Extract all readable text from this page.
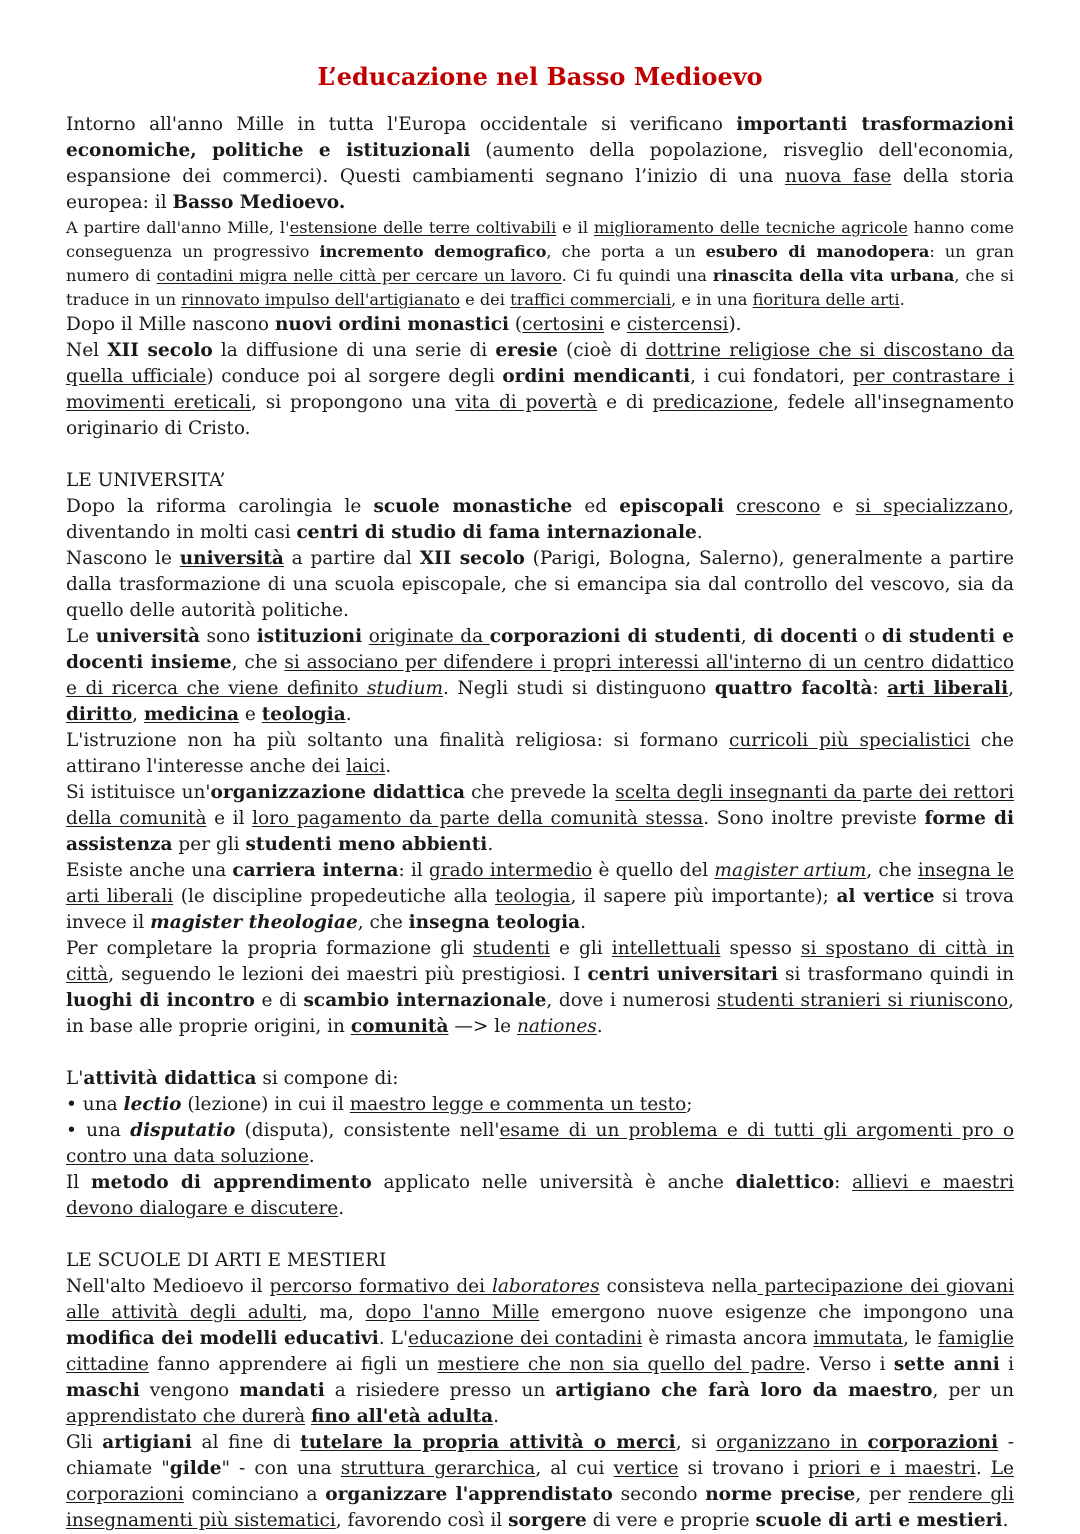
L’educazione nel Basso Medioevo

Intorno all'anno Mille in tutta l'Europa occidentale si verificano importanti trasformazioni economiche, politiche e istituzionali (aumento della popolazione, risveglio dell'economia, espansione dei commerci). Questi cambiamenti segnano l’inizio di una nuova fase della storia europea: il Basso Medioevo.

A partire dall'anno Mille, l'estensione delle terre coltivabili e il miglioramento delle tecniche agricole hanno come conseguenza un progressivo incremento demografico, che porta a un esubero di manodopera: un gran numero di contadini migra nelle città per cercare un lavoro. Ci fu quindi una rinascita della vita urbana, che si traduce in un rinnovato impulso dell'artigianato e dei traffici commerciali, e in una fioritura delle arti.

Dopo il Mille nascono nuovi ordini monastici (certosini e cistercensi).

Nel XII secolo la diffusione di una serie di eresie (cioè di dottrine religiose che si discostano da quella ufficiale) conduce poi al sorgere degli ordini mendicanti, i cui fondatori, per contrastare i movimenti ereticali, si propongono una vita di povertà e di predicazione, fedele all'insegnamento originario di Cristo.

LE UNIVERSITA’

Dopo la riforma carolingia le scuole monastiche ed episcopali crescono e si specializzano, diventando in molti casi centri di studio di fama internazionale.

Nascono le università a partire dal XII secolo (Parigi, Bologna, Salerno), generalmente a partire dalla trasformazione di una scuola episcopale, che si emancipa sia dal controllo del vescovo, sia da quello delle autorità politiche.

Le università sono istituzioni originate da corporazioni di studenti, di docenti o di studenti e docenti insieme, che si associano per difendere i propri interessi all'interno di un centro didattico e di ricerca che viene definito studium. Negli studi si distinguono quattro facoltà: arti liberali, diritto, medicina e teologia.

L'istruzione non ha più soltanto una finalità religiosa: si formano curricoli più specialistici che attirano l'interesse anche dei laici.

Si istituisce un'organizzazione didattica che prevede la scelta degli insegnanti da parte dei rettori della comunità e il loro pagamento da parte della comunità stessa. Sono inoltre previste forme di assistenza per gli studenti meno abbienti.

Esiste anche una carriera interna: il grado intermedio è quello del magister artium, che insegna le arti liberali (le discipline propedeutiche alla teologia, il sapere più importante); al vertice si trova invece il magister theologiae, che insegna teologia.

Per completare la propria formazione gli studenti e gli intellettuali spesso si spostano di città in città, seguendo le lezioni dei maestri più prestigiosi. I centri universitari si trasformano quindi in luoghi di incontro e di scambio internazionale, dove i numerosi studenti stranieri si riuniscono, in base alle proprie origini, in comunità —> le nationes.

L'attività didattica si compone di:

• una lectio (lezione) in cui il maestro legge e commenta un testo;

• una disputatio (disputa), consistente nell'esame di un problema e di tutti gli argomenti pro o contro una data soluzione.

Il metodo di apprendimento applicato nelle università è anche dialettico: allievi e maestri devono dialogare e discutere.

LE SCUOLE DI ARTI E MESTIERI

Nell'alto Medioevo il percorso formativo dei laboratores consisteva nella partecipazione dei giovani alle attività degli adulti, ma, dopo l'anno Mille emergono nuove esigenze che impongono una modifica dei modelli educativi. L'educazione dei contadini è rimasta ancora immutata, le famiglie cittadine fanno apprendere ai figli un mestiere che non sia quello del padre. Verso i sette anni i maschi vengono mandati a risiedere presso un artigiano che farà loro da maestro, per un apprendistato che durerà fino all'età adulta.

Gli artigiani al fine di tutelare la propria attività o merci, si organizzano in corporazioni - chiamate "gilde" - con una struttura gerarchica, al cui vertice si trovano i priori e i maestri. Le corporazioni cominciano a organizzare l'apprendistato secondo norme precise, per rendere gli insegnamenti più sistematici, favorendo così il sorgere di vere e proprie scuole di arti e mestieri.
